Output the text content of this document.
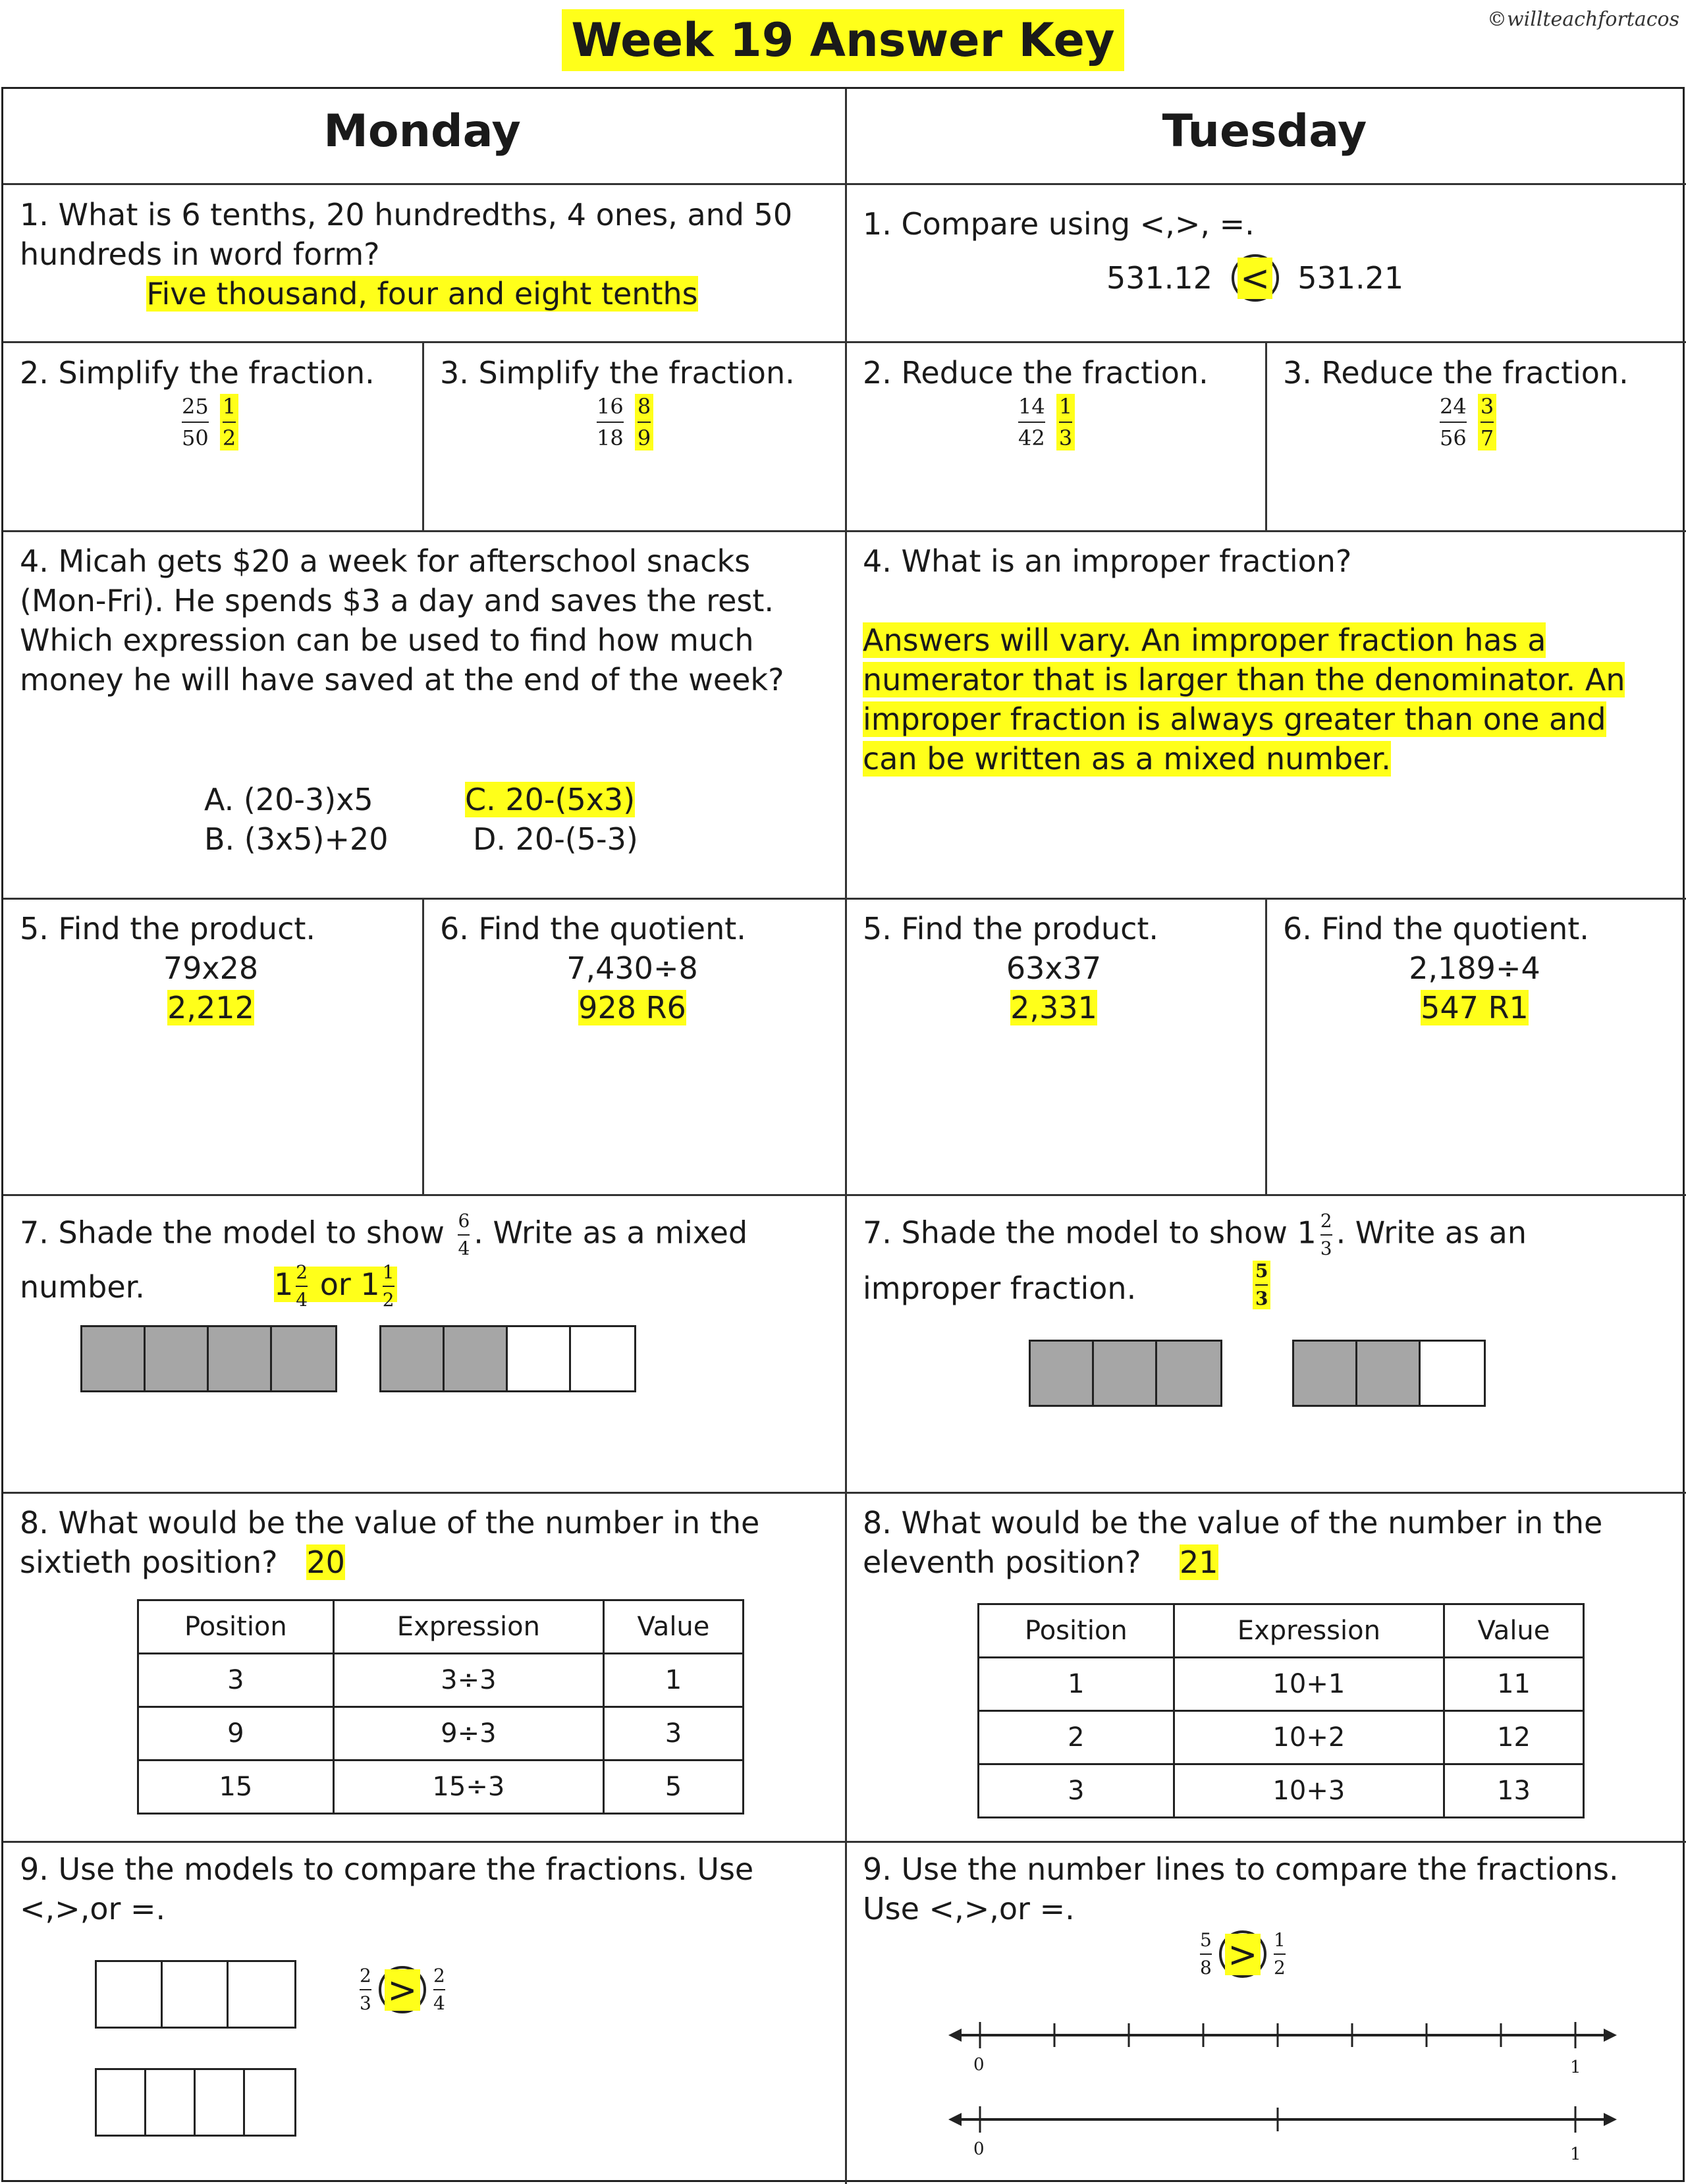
Week 19 Answer Key	©willteachfortacos
Monday	Tuesday
1. What is 6 tenths, 20 hundredths, 4 ones, and 50 hundreds in word form?
Five thousand, four and eight tenths
2. Simplify the fraction.
$\frac{25}{50}$
$\frac{1}{2}$
3. Simplify the fraction.
$\frac{16}{18}$
$\frac{8}{9}$
4. Micah gets $20 a week for afterschool snacks (Mon-Fri). He spends $3 a day and saves the rest. Which expression can be used to find how much money he will have saved at the end of the week?
A. (20-3)x5
B. (3x5)+20
C. 20-(5x3)
D. 20-(5-3)
5. Find the product.
79x28
2,212
6. Find the quotient.
7,430÷8
928 R6
7. Shade the model to show $\frac{6}{4}$ . Write as a mixed
number.	$1 \frac{2}{4}$ or $1 \frac{1}{2}$
8. What would be the value of the number in the sixtieth position? 20
Position	Expression	Value
3	3÷3	1
9	9÷3	3
15	15÷3	5
9. Use the models to compare the fractions. Use <,>,or =.
$\frac{2}{3} > \frac{2}{4}$
1. Compare using <,>, =.
531.12 < 531.21
2. Reduce the fraction.
$\frac{14}{42}$
$\frac{1}{3}$
3. Reduce the fraction.
$\frac{24}{56}$
$\frac{3}{7}$
4. What is an improper fraction?
Answers will vary. An improper fraction has a
numerator that is larger than the denominator. An
improper fraction is always greater than one and
can be written as a mixed number.
5. Find the product.
63x37
2,331
6. Find the quotient.
2,189÷4
547 R1
7. Shade the model to show $1 \frac{2}{3}$ . Write as an
improper fraction.	$\frac{5}{3}$
8. What would be the value of the number in the eleventh position? 21
Position	Expression	Value
1	10+1	11
2	10+2	12
3	10+3	13
9. Use the number lines to compare the fractions. Use <,>,or =.
$\frac{5}{8} > \frac{1}{2}$
0	1
0	1
